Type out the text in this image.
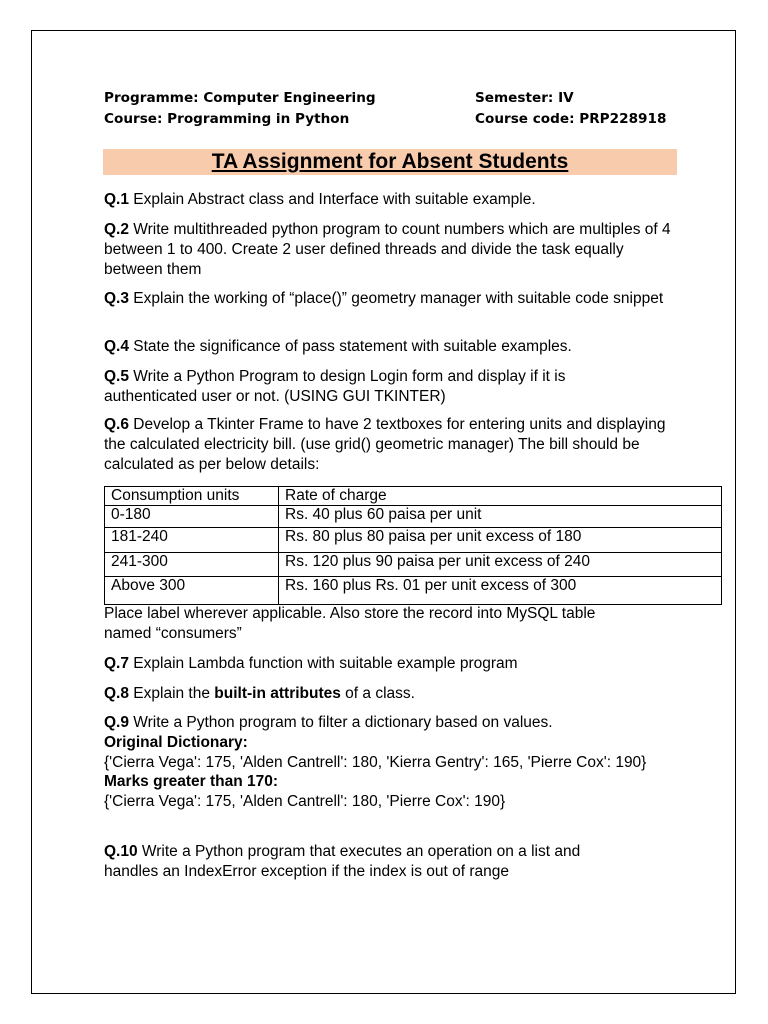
Programme: Computer Engineering
Course: Programming in Python
Semester: IV
Course code: PRP228918
TA Assignment for Absent Students
Q.1 Explain Abstract class and Interface with suitable example.
Q.2 Write multithreaded python program to count numbers which are multiples of 4 between 1 to 400. Create 2 user defined threads and divide the task equally between them
Q.3 Explain the working of “place()” geometry manager with suitable code snippet
Q.4 State the significance of pass statement with suitable examples.
Q.5 Write a Python Program to design Login form and display if it is authenticated user or not. (USING GUI TKINTER)
Q.6 Develop a Tkinter Frame to have 2 textboxes for entering units and displaying the calculated electricity bill. (use grid() geometric manager) The bill should be calculated as per below details:
Consumption units	Rate of charge
0-180	Rs. 40 plus 60 paisa per unit
181-240	Rs. 80 plus 80 paisa per unit excess of 180
241-300	Rs. 120 plus 90 paisa per unit excess of 240
Above 300	Rs. 160 plus Rs. 01 per unit excess of 300
Place label wherever applicable. Also store the record into MySQL table named “consumers”
Q.7 Explain Lambda function with suitable example program
Q.8 Explain the built-in attributes of a class.
Q.9 Write a Python program to filter a dictionary based on values.
Original Dictionary:
{'Cierra Vega': 175, 'Alden Cantrell': 180, 'Kierra Gentry': 165, 'Pierre Cox': 190}
Marks greater than 170:
{'Cierra Vega': 175, 'Alden Cantrell': 180, 'Pierre Cox': 190}
Q.10 Write a Python program that executes an operation on a list and handles an IndexError exception if the index is out of range
